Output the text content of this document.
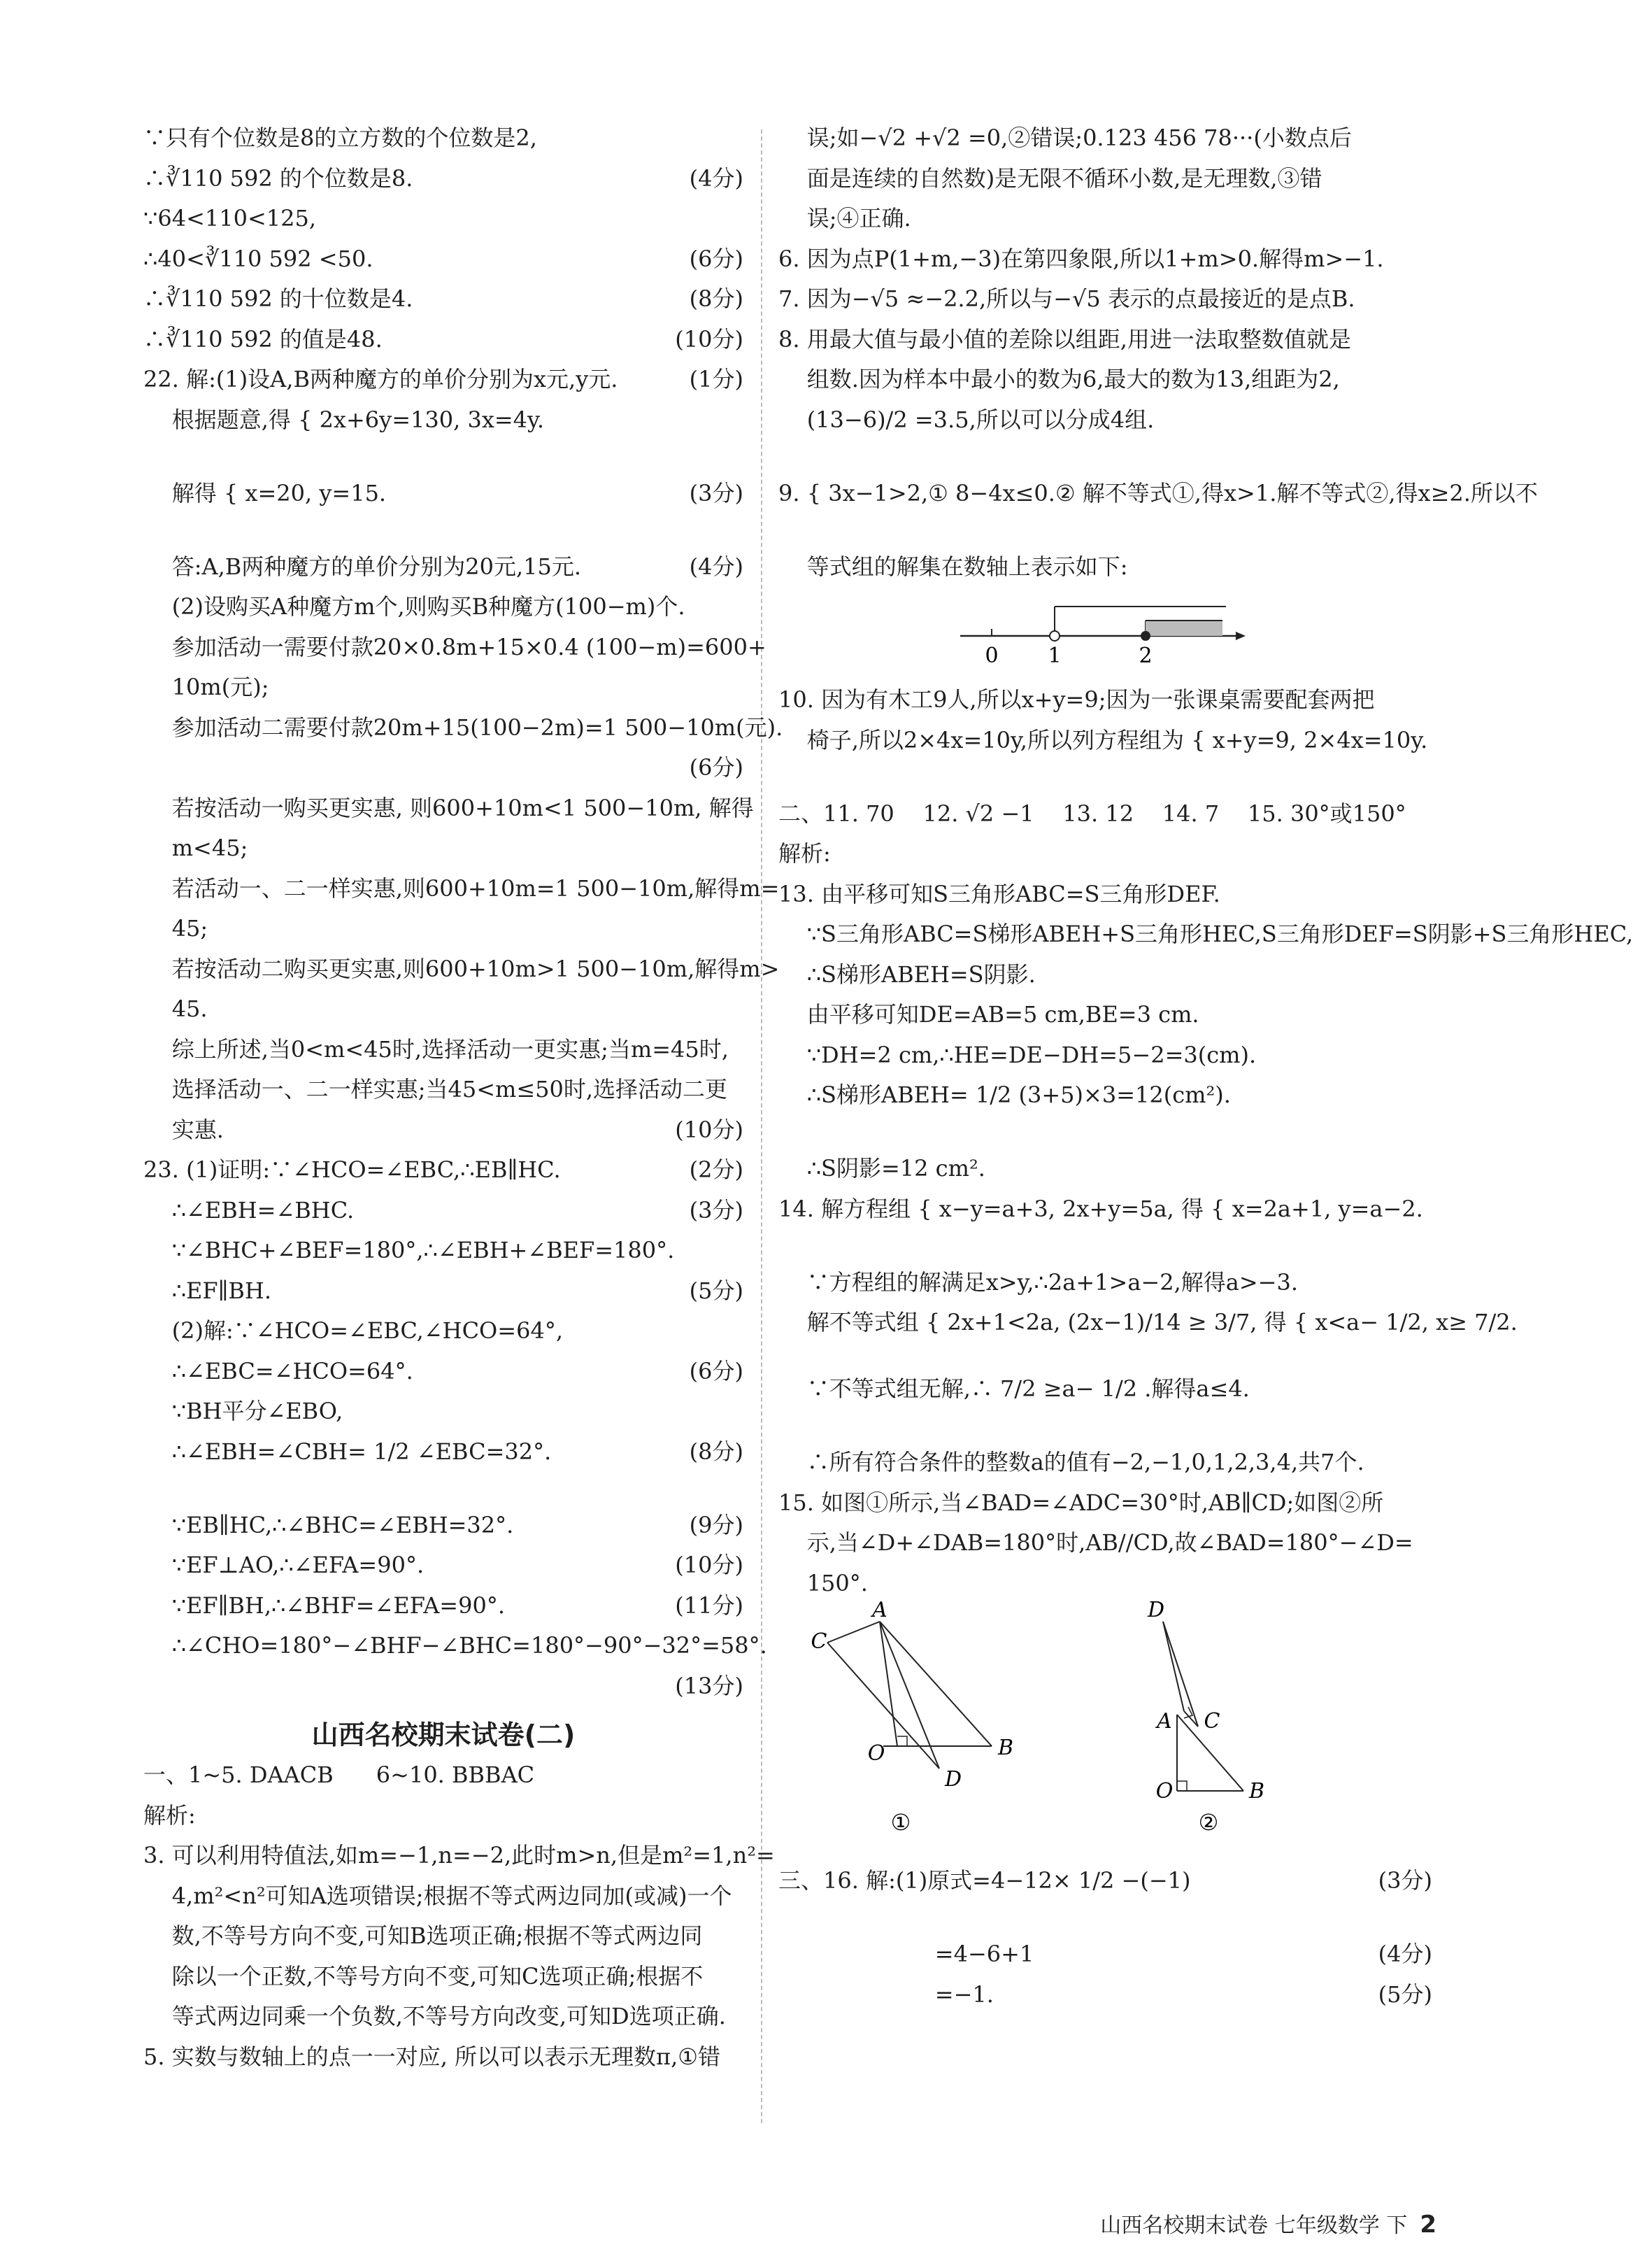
∵只有个位数是8的立方数的个位数是2,
∴∛110 592 的个位数是8.	(4分)
∵64<110<125,
∴40<∛110 592 <50.	(6分)
∴∛110 592 的十位数是4.	(8分)
∴∛110 592 的值是48.	(10分)
22. 解:(1)设A,B两种魔方的单价分别为x元,y元.	(1分)
根据题意,得 { 2x+6y=130, 3x=4y.
解得 { x=20, y=15.	(3分)
答:A,B两种魔方的单价分别为20元,15元.	(4分)
(2)设购买A种魔方m个,则购买B种魔方(100−m)个.
参加活动一需要付款20×0.8m+15×0.4 (100−m)=600+
10m(元);
参加活动二需要付款20m+15(100−2m)=1 500−10m(元).
(6分)
若按活动一购买更实惠, 则600+10m<1 500−10m, 解得
m<45;
若活动一、二一样实惠,则600+10m=1 500−10m,解得m=
45;
若按活动二购买更实惠,则600+10m>1 500−10m,解得m>
45.
综上所述,当0<m<45时,选择活动一更实惠;当m=45时,
选择活动一、二一样实惠;当45<m≤50时,选择活动二更
实惠.	(10分)
23. (1)证明:∵∠HCO=∠EBC,∴EB∥HC.	(2分)
∴∠EBH=∠BHC.	(3分)
∵∠BHC+∠BEF=180°,∴∠EBH+∠BEF=180°.
∴EF∥BH.	(5分)
(2)解:∵∠HCO=∠EBC,∠HCO=64°,
∴∠EBC=∠HCO=64°.	(6分)
∵BH平分∠EBO,
∴∠EBH=∠CBH= 1/2 ∠EBC=32°.	(8分)
∵EB∥HC,∴∠BHC=∠EBH=32°.	(9分)
∵EF⊥AO,∴∠EFA=90°.	(10分)
∵EF∥BH,∴∠BHF=∠EFA=90°.	(11分)
∴∠CHO=180°−∠BHF−∠BHC=180°−90°−32°=58°.
(13分)
山西名校期末试卷(二)
一、1~5. DAACB      6~10. BBBAC
解析:
3. 可以利用特值法,如m=−1,n=−2,此时m>n,但是m²=1,n²=
4,m²<n²可知A选项错误;根据不等式两边同加(或减)一个
数,不等号方向不变,可知B选项正确;根据不等式两边同
除以一个正数,不等号方向不变,可知C选项正确;根据不
等式两边同乘一个负数,不等号方向改变,可知D选项正确.
5. 实数与数轴上的点一一对应, 所以可以表示无理数π,①错
误;如−√2 +√2 =0,②错误;0.123 456 78···(小数点后
面是连续的自然数)是无限不循环小数,是无理数,③错
误;④正确.
6. 因为点P(1+m,−3)在第四象限,所以1+m>0.解得m>−1.
7. 因为−√5 ≈−2.2,所以与−√5 表示的点最接近的是点B.
8. 用最大值与最小值的差除以组距,用进一法取整数值就是
组数.因为样本中最小的数为6,最大的数为13,组距为2,
(13−6)/2 =3.5,所以可以分成4组.
9. { 3x−1>2,① 8−4x≤0.② 解不等式①,得x>1.解不等式②,得x≥2.所以不
等式组的解集在数轴上表示如下:
0 1	2
10. 因为有木工9人,所以x+y=9;因为一张课桌需要配套两把
椅子,所以2×4x=10y,所以列方程组为 { x+y=9, 2×4x=10y.
二、11. 70    12. √2 −1    13. 12    14. 7    15. 30°或150°
解析:
13. 由平移可知S三角形ABC=S三角形DEF.
∵S三角形ABC=S梯形ABEH+S三角形HEC,S三角形DEF=S阴影+S三角形HEC,
∴S梯形ABEH=S阴影.
由平移可知DE=AB=5 cm,BE=3 cm.
∵DH=2 cm,∴HE=DE−DH=5−2=3(cm).
∴S梯形ABEH= 1/2 (3+5)×3=12(cm²).
∴S阴影=12 cm².
14. 解方程组 { x−y=a+3, 2x+y=5a, 得 { x=2a+1, y=a−2.
∵方程组的解满足x>y,∴2a+1>a−2,解得a>−3.
解不等式组 { 2x+1<2a, (2x−1)/14 ≥ 3/7, 得 { x<a− 1/2, x≥ 7/2.
∵不等式组无解,∴ 7/2 ≥a− 1/2 .解得a≤4.
∴所有符合条件的整数a的值有−2,−1,0,1,2,3,4,共7个.
15. 如图①所示,当∠BAD=∠ADC=30°时,AB∥CD;如图②所
示,当∠D+∠DAB=180°时,AB//CD,故∠BAD=180°−∠D=
150°.
A
C
O	B
D
①
D
C
A
O	B
②
三、16. 解:(1)原式=4−12× 1/2 −(−1)	(3分)
=4−6+1	(4分)
=−1.	(5分)
山西名校期末试卷 七年级数学 下 2
